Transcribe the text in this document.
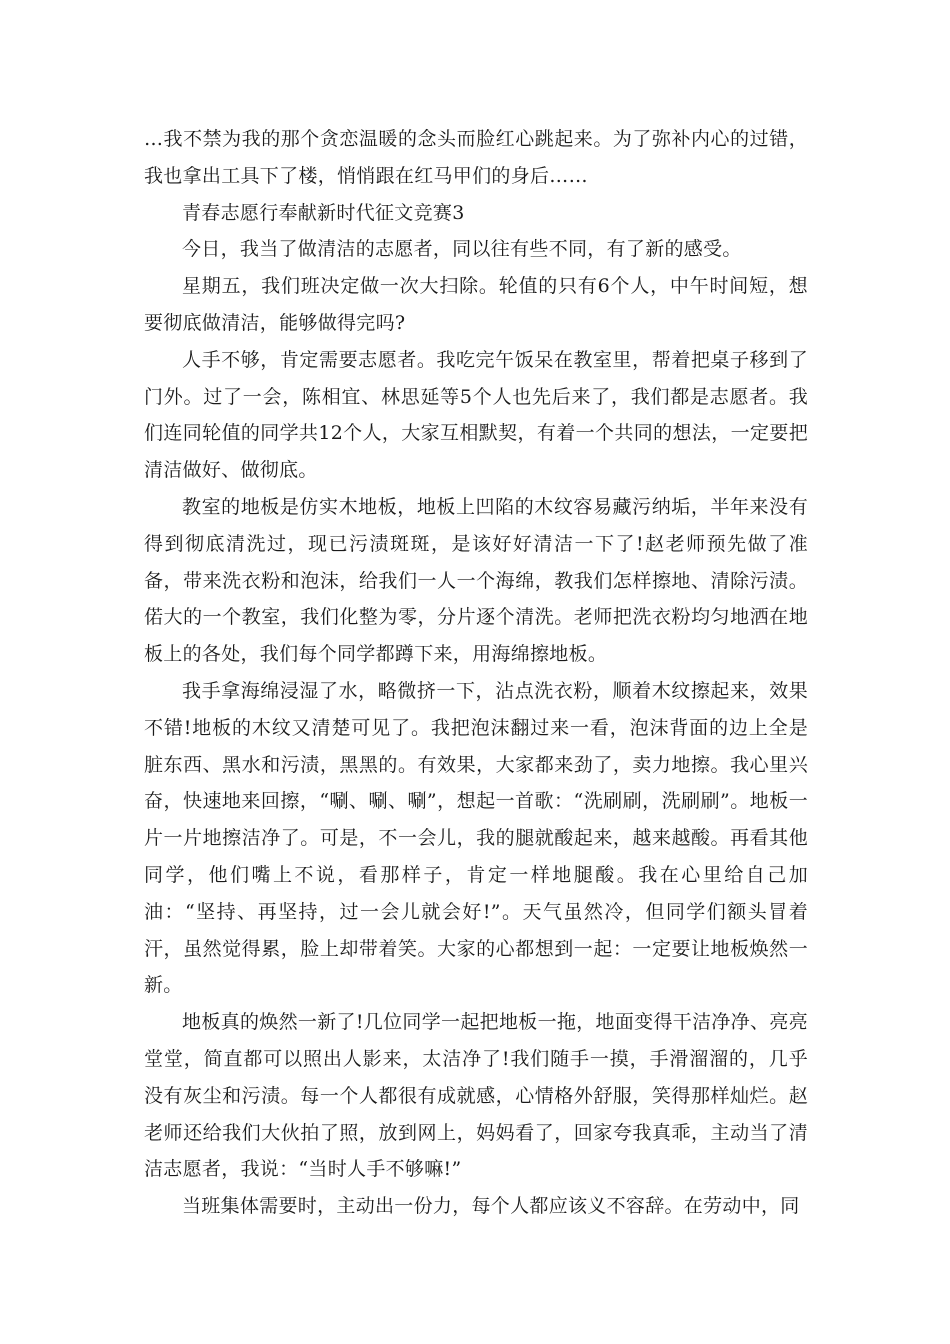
…我不禁为我的那个贪恋温暖的念头而脸红心跳起来。为了弥补内心的过错，我也拿出工具下了楼，悄悄跟在红马甲们的身后……

青春志愿行奉献新时代征文竞赛3

今日，我当了做清洁的志愿者，同以往有些不同，有了新的感受。

星期五，我们班决定做一次大扫除。轮值的只有6个人，中午时间短，想要彻底做清洁，能够做得完吗?

人手不够，肯定需要志愿者。我吃完午饭呆在教室里，帮着把桌子移到了门外。过了一会，陈相宜、林思延等5个人也先后来了，我们都是志愿者。我们连同轮值的同学共12个人，大家互相默契，有着一个共同的想法，一定要把清洁做好、做彻底。

教室的地板是仿实木地板，地板上凹陷的木纹容易藏污纳垢，半年来没有得到彻底清洗过，现已污渍斑斑，是该好好清洁一下了!赵老师预先做了准备，带来洗衣粉和泡沫，给我们一人一个海绵，教我们怎样擦地、清除污渍。偌大的一个教室，我们化整为零，分片逐个清洗。老师把洗衣粉均匀地洒在地板上的各处，我们每个同学都蹲下来，用海绵擦地板。

我手拿海绵浸湿了水，略微挤一下，沾点洗衣粉，顺着木纹擦起来，效果不错!地板的木纹又清楚可见了。我把泡沫翻过来一看，泡沫背面的边上全是脏东西、黑水和污渍，黑黑的。有效果，大家都来劲了，卖力地擦。我心里兴奋，快速地来回擦，“唰、唰、唰”，想起一首歌：“洗刷刷，洗刷刷”。地板一片一片地擦洁净了。可是，不一会儿，我的腿就酸起来，越来越酸。再看其他同学，他们嘴上不说，看那样子，肯定一样地腿酸。我在心里给自己加油：“坚持、再坚持，过一会儿就会好!”。天气虽然冷，但同学们额头冒着汗，虽然觉得累，脸上却带着笑。大家的心都想到一起：一定要让地板焕然一新。

地板真的焕然一新了!几位同学一起把地板一拖，地面变得干洁净净、亮亮堂堂，简直都可以照出人影来，太洁净了!我们随手一摸，手滑溜溜的，几乎没有灰尘和污渍。每一个人都很有成就感，心情格外舒服，笑得那样灿烂。赵老师还给我们大伙拍了照，放到网上，妈妈看了，回家夸我真乖，主动当了清洁志愿者，我说：“当时人手不够嘛!”

当班集体需要时，主动出一份力，每个人都应该义不容辞。在劳动中，同
